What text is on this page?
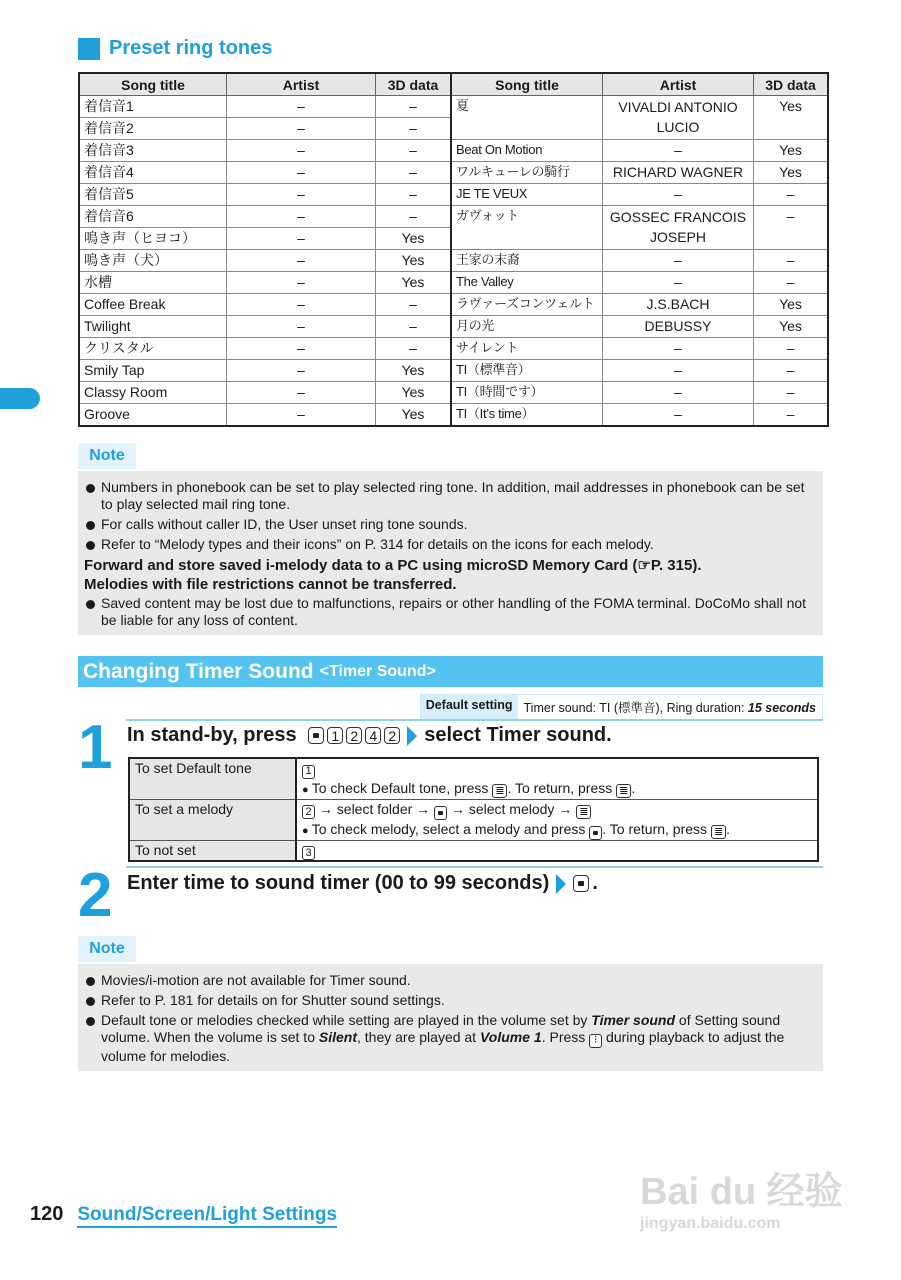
Preset ring tones
Song title	Artist	3D data	Song title	Artist	3D data
着信音1	–	–	夏	VIVALDI ANTONIO LUCIO	Yes
着信音2	–	–			
着信音3	–	–	Beat On Motion	–	Yes
着信音4	–	–	ワルキューレの騎行	RICHARD WAGNER	Yes
着信音5	–	–	JE TE VEUX	–	–
着信音6	–	–	ガヴォット	GOSSEC FRANCOIS JOSEPH	–
鳴き声（ヒヨコ）	–	Yes			
鳴き声（犬）	–	Yes	王家の末裔	–	–
水槽	–	Yes	The Valley	–	–
Coffee Break	–	–	ラヴァーズコンツェルト	J.S.BACH	Yes
Twilight	–	–	月の光	DEBUSSY	Yes
クリスタル	–	–	サイレント	–	–
Smily Tap	–	Yes	TI（標準音）	–	–
Classy Room	–	Yes	TI（時間です）	–	–
Groove	–	Yes	TI（It’s time）	–	–
Note
Numbers in phonebook can be set to play selected ring tone. In addition, mail addresses in phonebook can be set to play selected mail ring tone.
For calls without caller ID, the User unset ring tone sounds.
Refer to “Melody types and their icons” on P. 314 for details on the icons for each melody.
Forward and store saved i-melody data to a PC using microSD Memory Card (☞P. 315).
Melodies with file restrictions cannot be transferred.
Saved content may be lost due to malfunctions, repairs or other handling of the FOMA terminal. DoCoMo shall not be liable for any loss of content.
Changing Timer Sound <Timer Sound>
Default setting Timer sound: TI (標準音), Ring duration: 15 seconds
1 In stand-by, press
1 2 4 2 select Timer sound.
To set Default tone	1
● To check Default tone, press ≣ . To return, press ≣ .
To set a melody	2 → select folder → → select melody → ≣
● To check melody, select a melody and press . To return, press ≣ .
To not set	3
2 Enter time to sound timer (00 to 99 seconds) .
Note
Movies/i-motion are not available for Timer sound.
Refer to P. 181 for details on for Shutter sound settings.
Default tone or melodies checked while setting are played in the volume set by Timer sound of Setting sound volume. When the volume is set to Silent, they are played at Volume 1. Press ⁝ during playback to adjust the volume for melodies.
120 Sound/Screen/Light Settings
Bai du 经验
jingyan.baidu.com
